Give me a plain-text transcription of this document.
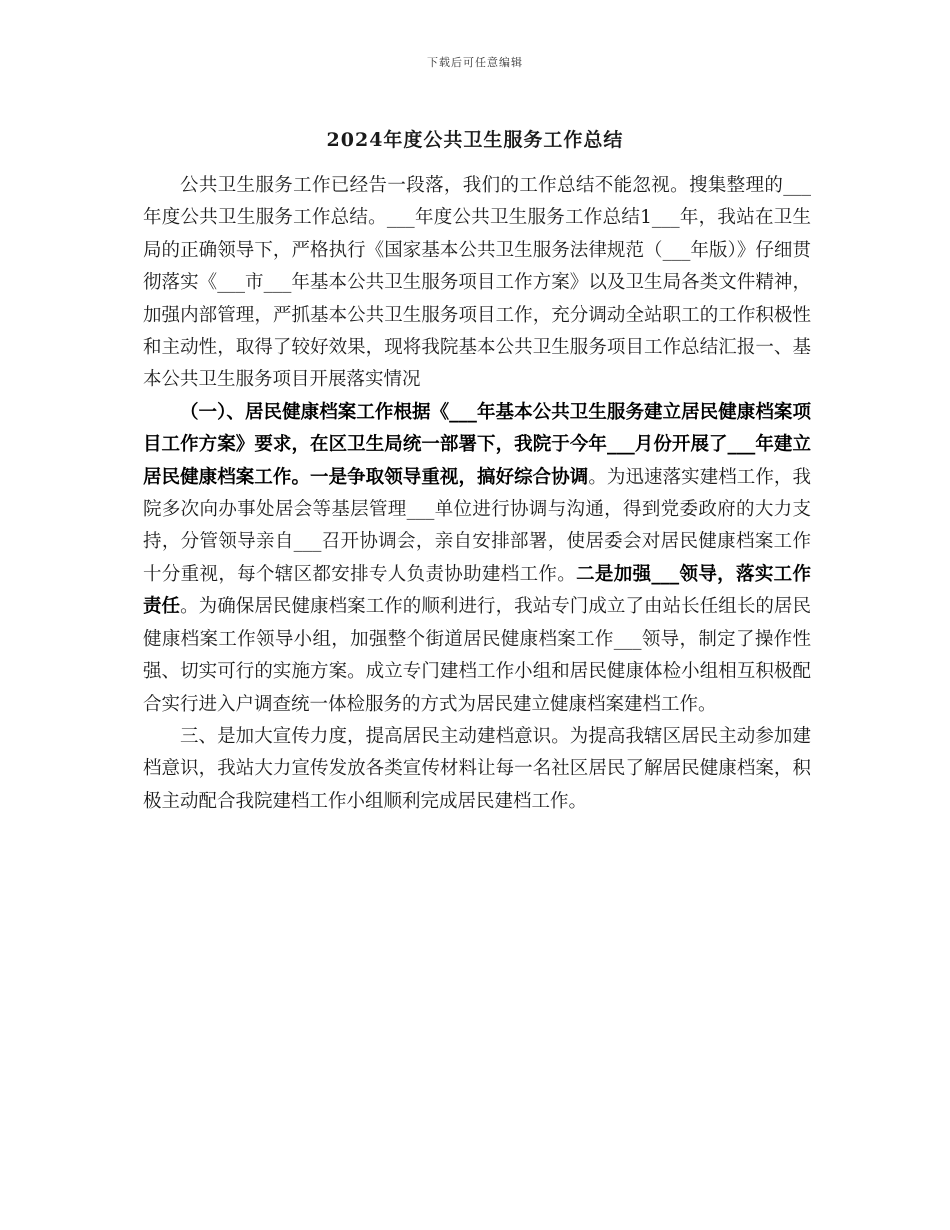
下载后可任意编辑
2024年度公共卫生服务工作总结

公共卫生服务工作已经告一段落，我们的工作总结不能忽视。搜集整理的___年度公共卫生服务工作总结。___年度公共卫生服务工作总结1___年，我站在卫生局的正确领导下，严格执行《国家基本公共卫生服务法律规范（___年版）》仔细贯彻落实《___市___年基本公共卫生服务项目工作方案》以及卫生局各类文件精神，加强内部管理，严抓基本公共卫生服务项目工作，充分调动全站职工的工作积极性和主动性，取得了较好效果，现将我院基本公共卫生服务项目工作总结汇报一、基本公共卫生服务项目开展落实情况

（一）、居民健康档案工作根据《___年基本公共卫生服务建立居民健康档案项目工作方案》要求，在区卫生局统一部署下，我院于今年___月份开展了___年建立居民健康档案工作。一是争取领导重视，搞好综合协调。为迅速落实建档工作，我院多次向办事处居会等基层管理___单位进行协调与沟通，得到党委政府的大力支持，分管领导亲自___召开协调会，亲自安排部署，使居委会对居民健康档案工作十分重视，每个辖区都安排专人负责协助建档工作。二是加强___领导，落实工作责任。为确保居民健康档案工作的顺利进行，我站专门成立了由站长任组长的居民健康档案工作领导小组，加强整个街道居民健康档案工作___领导，制定了操作性强、切实可行的实施方案。成立专门建档工作小组和居民健康体检小组相互积极配合实行进入户调查统一体检服务的方式为居民建立健康档案建档工作。

三、是加大宣传力度，提高居民主动建档意识。为提高我辖区居民主动参加建档意识，我站大力宣传发放各类宣传材料让每一名社区居民了解居民健康档案，积极主动配合我院建档工作小组顺利完成居民建档工作。
